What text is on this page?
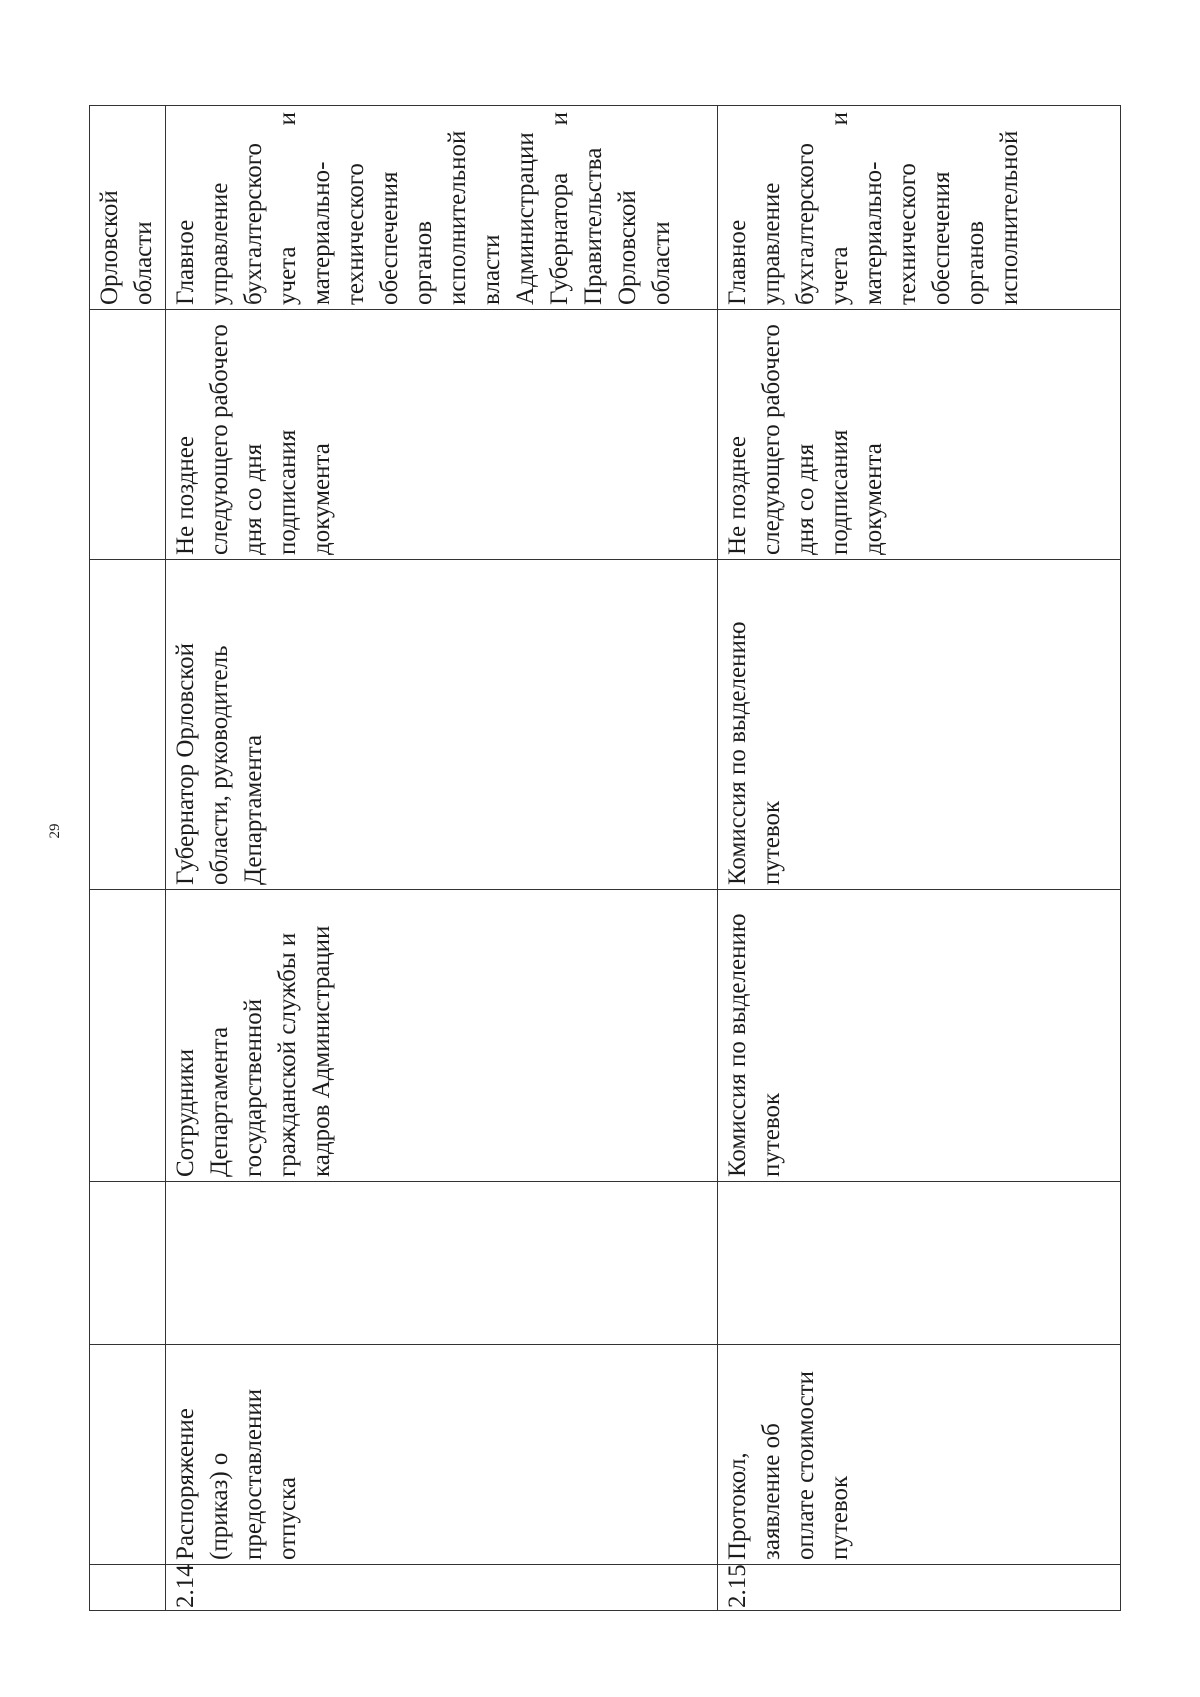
29
						Орловской области
2.14	Распоряжение (приказ) о предоставлении отпуска		Сотрудники Департамента государственной гражданской службы и кадров Администрации	Губернатор Орловской области, руководитель Департамента	Не позднее следующего рабочего дня со дня подписания документа	Главное управление бухгалтерского учета и материально-технического обеспечения органов исполнительной власти Администрации Губернатора и Правительства Орловской области
2.15	Протокол, заявление об оплате стоимости путевок		Комиссия по выделению путевок	Комиссия по выделению путевок	Не позднее следующего рабочего дня со дня подписания документа	Главное управление бухгалтерского учета и материально-технического обеспечения органов исполнительной
